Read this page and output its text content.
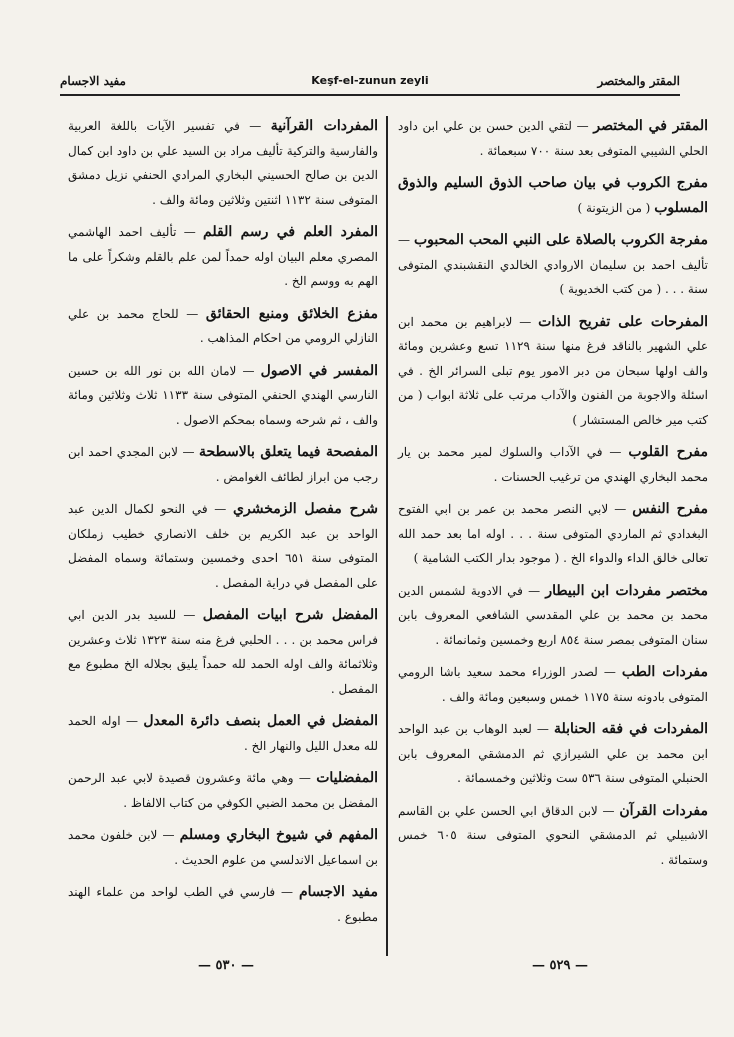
مفيد الاجسام	Keşf-el-zunun zeyli	المقتر والمختصر

المقتر في المختصر — لتقي الدين حسن بن علي ابن داود الحلي الشيبي المتوفى بعد سنة ٧٠٠ سبعمائة .

مفرج الكروب في بيان صاحب الذوق السليم والذوق المسلوب ( من الزيتونة )

مفرجة الكروب بالصلاة على النبي المحب المحبوب — تأليف احمد بن سليمان الاروادي الخالدي النقشبندي المتوفى سنة . . . ( من كتب الخديوية )

المفرحات على تفريح الذات — لابراهيم بن محمد ابن علي الشهير بالناقد فرغ منها سنة ١١٢٩ تسع وعشرين ومائة والف اولها سبحان من دبر الامور يوم تبلى السرائر الخ . في اسئلة والاجوبة من الفنون والآداب مرتب على ثلاثة ابواب ( من كتب مير خالص المستشار )

مفرح القلوب — في الآداب والسلوك لمير محمد بن يار محمد البخاري الهندي من ترغيب الحسنات .

مفرح النفس — لابي النصر محمد بن عمر بن ابي الفتوح البغدادي ثم الماردي المتوفى سنة . . . اوله اما بعد حمد الله تعالى خالق الداء والدواء الخ . ( موجود بدار الكتب الشامية )

مختصر مفردات ابن البيطار — في الادوية لشمس الدين محمد بن محمد بن علي المقدسي الشافعي المعروف بابن سنان المتوفى بمصر سنة ٨٥٤ اربع وخمسين وثمانمائة .

مفردات الطب — لصدر الوزراء محمد سعيد باشا الرومي المتوفى بادونه سنة ١١٧٥ خمس وسبعين ومائة والف .

المفردات في فقه الحنابلة — لعبد الوهاب بن عبد الواحد ابن محمد بن علي الشيرازي ثم الدمشقي المعروف بابن الحنبلي المتوفى سنة ٥٣٦ ست وثلاثين وخمسمائة .

مفردات القرآن — لابن الدقاق ابي الحسن علي بن القاسم الاشبيلي ثم الدمشقي النحوي المتوفى سنة ٦٠٥ خمس وستمائة .

المفردات القرآنية — في تفسير الآيات باللغة العربية والفارسية والتركية تأليف مراد بن السيد علي بن داود ابن كمال الدين بن صالح الحسيني البخاري المرادي الحنفي نزيل دمشق المتوفى سنة ١١٣٢ اثنتين وثلاثين ومائة والف .

المفرد العلم في رسم القلم — تأليف احمد الهاشمي المصري معلم البيان اوله حمداً لمن علم بالقلم وشكراً على ما الهم به ووسم الخ .

مفزع الخلائق ومنبع الحقائق — للحاج محمد بن علي النازلي الرومي من احكام المذاهب .

المفسر في الاصول — لامان الله بن نور الله بن حسين النارسي الهندي الحنفي المتوفى سنة ١١٣٣ ثلاث وثلاثين ومائة والف ، ثم شرحه وسماه بمحكم الاصول .

المفصحة فيما يتعلق بالاسطحة — لابن المجدي احمد ابن رجب من ابراز لطائف الغوامض .

شرح مفصل الزمخشري — في النحو لكمال الدين عبد الواحد بن عبد الكريم بن خلف الانصاري خطيب زملكان المتوفى سنة ٦٥١ احدى وخمسين وستمائة وسماه المفضل على المفصل في دراية المفصل .

المفضل شرح ابيات المفصل — للسيد بدر الدين ابي فراس محمد بن . . . الحلبي فرغ منه سنة ١٣٢٣ ثلاث وعشرين وثلاثمائة والف اوله الحمد لله حمداً يليق بجلاله الخ مطبوع مع المفصل .

المفضل في العمل بنصف دائرة المعدل — اوله الحمد لله معدل الليل والنهار الخ .

المفضليات — وهي مائة وعشرون قصيدة لابي عبد الرحمن المفضل بن محمد الضبي الكوفي من كتاب الالفاظ .

المفهم في شيوخ البخاري ومسلم — لابن خلفون محمد بن اسماعيل الاندلسي من علوم الحديث .

مفيد الاجسام — فارسي في الطب لواحد من علماء الهند مطبوع .

— ٥٢٩ —
— ٥٣٠ —
